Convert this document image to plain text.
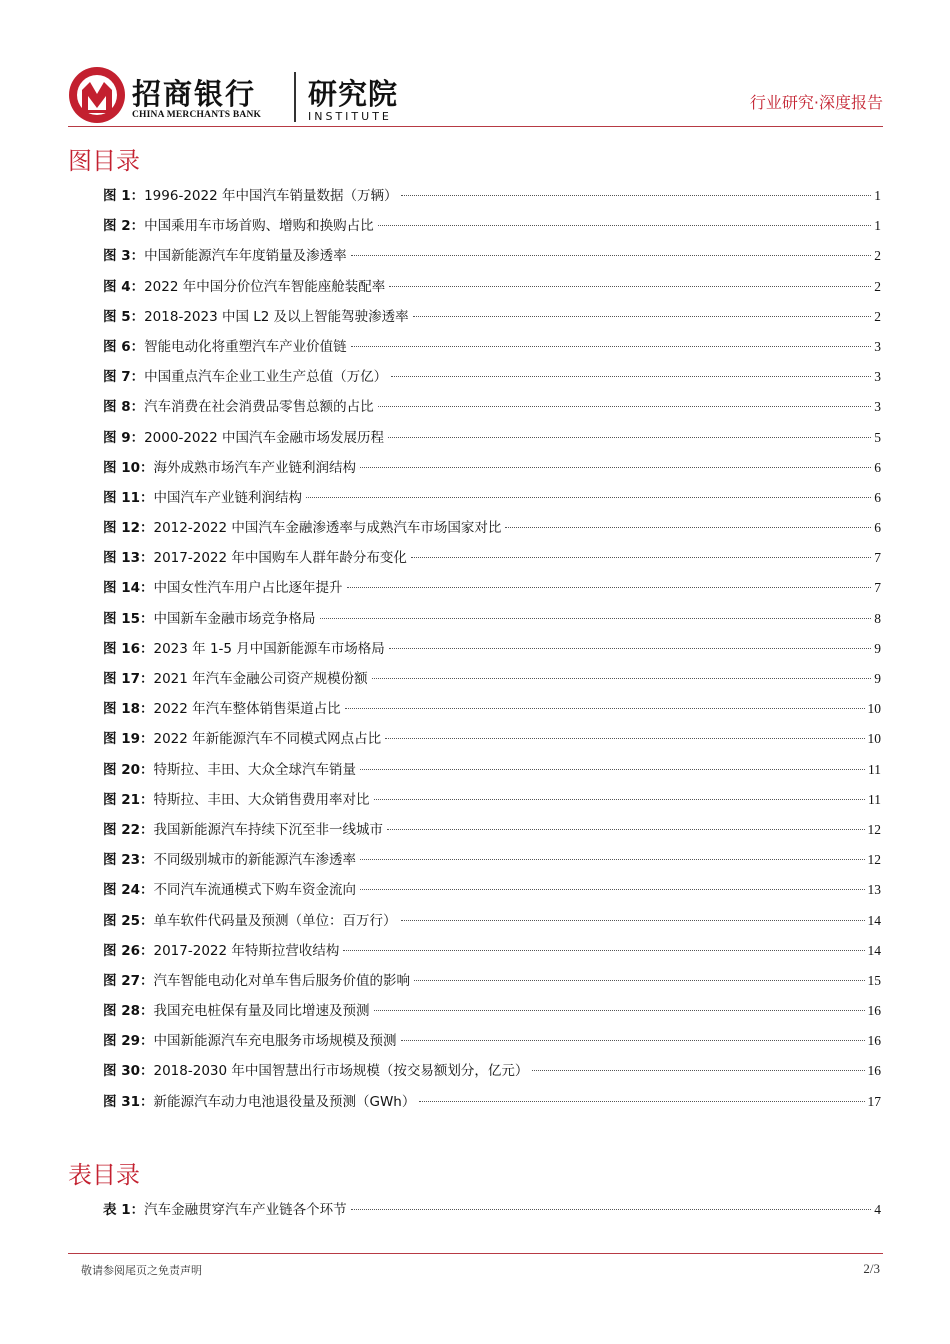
招商银行
CHINA MERCHANTS BANK
研究院
INSTITUTE
行业研究·深度报告
图目录
图 1： 1996-2022 年中国汽车销量数据（万辆）	1
图 2： 中国乘用车市场首购、增购和换购占比	1
图 3： 中国新能源汽车年度销量及渗透率	2
图 4： 2022 年中国分价位汽车智能座舱装配率	2
图 5： 2018-2023 中国 L2 及以上智能驾驶渗透率	2
图 6： 智能电动化将重塑汽车产业价值链	3
图 7： 中国重点汽车企业工业生产总值（万亿）	3
图 8： 汽车消费在社会消费品零售总额的占比	3
图 9： 2000-2022 中国汽车金融市场发展历程	5
图 10： 海外成熟市场汽车产业链利润结构	6
图 11： 中国汽车产业链利润结构	6
图 12： 2012-2022 中国汽车金融渗透率与成熟汽车市场国家对比	6
图 13： 2017-2022 年中国购车人群年龄分布变化	7
图 14： 中国女性汽车用户占比逐年提升	7
图 15： 中国新车金融市场竞争格局	8
图 16： 2023 年 1-5 月中国新能源车市场格局	9
图 17： 2021 年汽车金融公司资产规模份额	9
图 18： 2022 年汽车整体销售渠道占比	10
图 19： 2022 年新能源汽车不同模式网点占比	10
图 20： 特斯拉、丰田、大众全球汽车销量	11
图 21： 特斯拉、丰田、大众销售费用率对比	11
图 22： 我国新能源汽车持续下沉至非一线城市	12
图 23： 不同级别城市的新能源汽车渗透率	12
图 24： 不同汽车流通模式下购车资金流向	13
图 25： 单车软件代码量及预测（单位：百万行）	14
图 26： 2017-2022 年特斯拉营收结构	14
图 27： 汽车智能电动化对单车售后服务价值的影响	15
图 28： 我国充电桩保有量及同比增速及预测	16
图 29： 中国新能源汽车充电服务市场规模及预测	16
图 30： 2018-2030 年中国智慧出行市场规模（按交易额划分，亿元）	16
图 31： 新能源汽车动力电池退役量及预测（GWh）	17
表目录
表 1： 汽车金融贯穿汽车产业链各个环节	4
敬请参阅尾页之免责声明	2/3
